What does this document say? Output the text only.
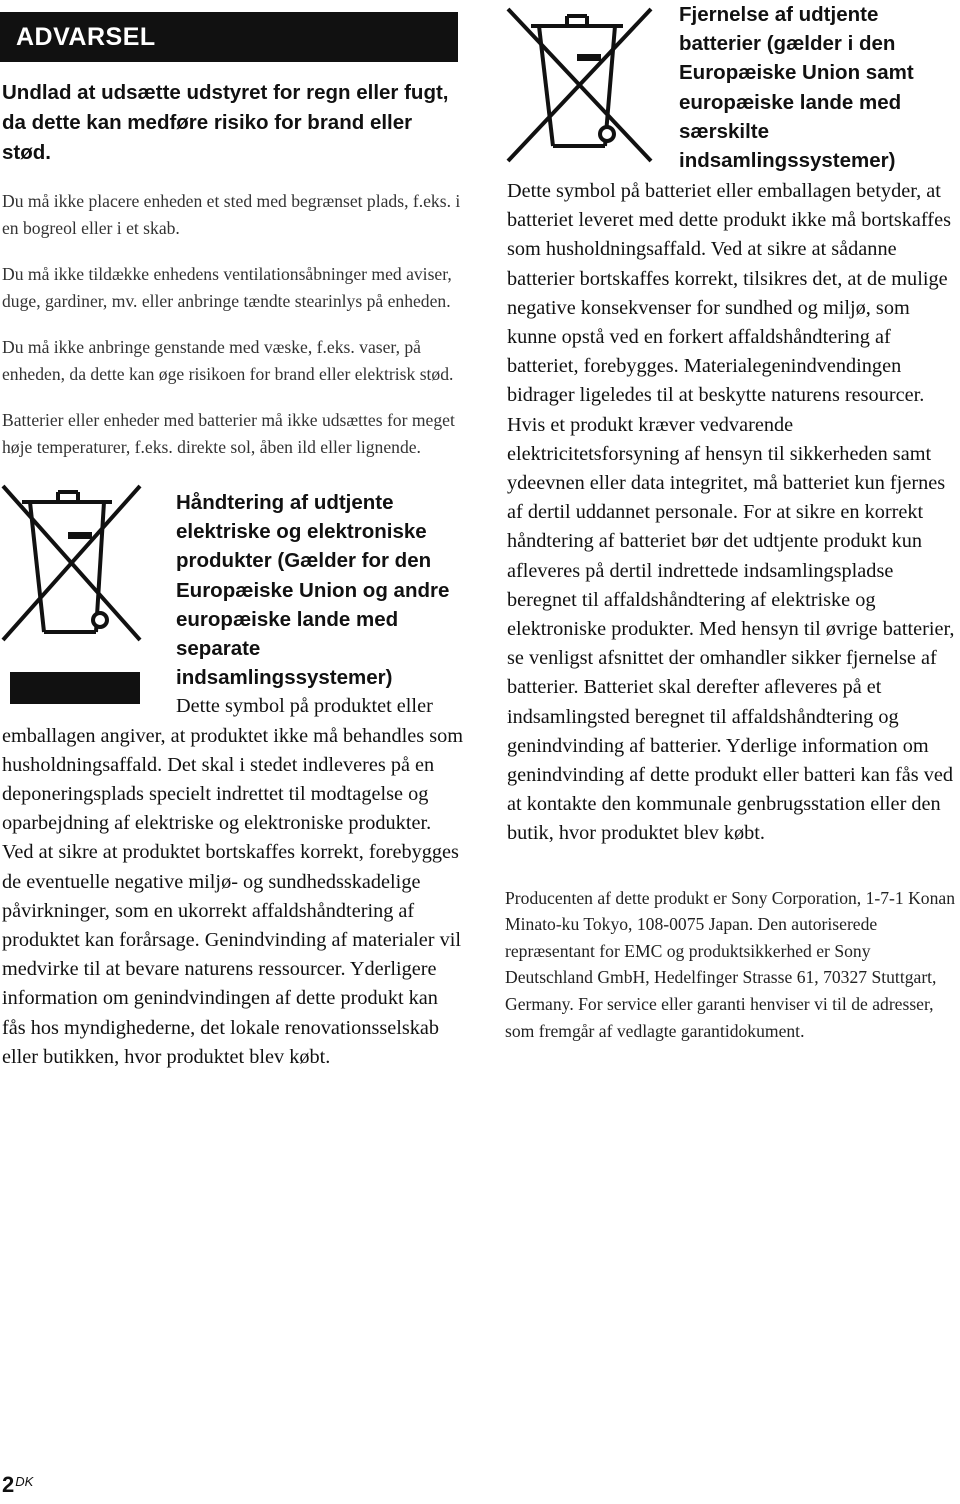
ADVARSEL

Undlad at udsætte udstyret for regn eller fugt, da dette kan medføre risiko for brand eller stød.

Du må ikke placere enheden et sted med begrænset plads, f.eks. i en bogreol eller i et skab.

Du må ikke tildække enhedens ventilationsåbninger med aviser, duge, gardiner, mv. eller anbringe tændte stearinlys på enheden.

Du må ikke anbringe genstande med væske, f.eks. vaser, på enheden, da dette kan øge risikoen for brand eller elektrisk stød.

Batterier eller enheder med batterier må ikke udsættes for meget høje temperaturer, f.eks. direkte sol, åben ild eller lignende.

Håndtering af udtjente elektriske og elektroniske produkter (Gælder for den Europæiske Union og andre europæiske lande med separate indsamlingssystemer)

Dette symbol på produktet eller emballagen angiver, at produktet ikke må behandles som husholdningsaffald. Det skal i stedet indleveres på en deponeringsplads specielt indrettet til modtagelse og oparbejdning af elektriske og elektroniske produkter. Ved at sikre at produktet bortskaffes korrekt, forebygges de eventuelle negative miljø- og sundhedsskadelige påvirkninger, som en ukorrekt affaldshåndtering af produktet kan forårsage. Genindvinding af materialer vil medvirke til at bevare naturens ressourcer. Yderligere information om genindvindingen af dette produkt kan fås hos myndighederne, det lokale renovationsselskab eller butikken, hvor produktet blev købt.

Fjernelse af udtjente batterier (gælder i den Europæiske Union samt europæiske lande med særskilte indsamlingssystemer)

Dette symbol på batteriet eller emballagen betyder, at batteriet leveret med dette produkt ikke må bortskaffes som husholdningsaffald. Ved at sikre at sådanne batterier bortskaffes korrekt, tilsikres det, at de mulige negative konsekvenser for sundhed og miljø, som kunne opstå ved en forkert affaldshåndtering af batteriet, forebygges. Materialegenindvendingen bidrager ligeledes til at beskytte naturens resourcer. Hvis et produkt kræver vedvarende elektricitetsforsyning af hensyn til sikkerheden samt ydeevnen eller data integritet, må batteriet kun fjernes af dertil uddannet personale. For at sikre en korrekt håndtering af batteriet bør det udtjente produkt kun afleveres på dertil indrettede indsamlingspladse beregnet til affaldshåndtering af elektriske og elektroniske produkter. Med hensyn til øvrige batterier, se venligst afsnittet der omhandler sikker fjernelse af batterier. Batteriet skal derefter afleveres på et indsamlingsted beregnet til affaldshåndtering og genindvinding af batterier. Yderlige information om genindvinding af dette produkt eller batteri kan fås ved at kontakte den kommunale genbrugsstation eller den butik, hvor produktet blev købt.

Producenten af dette produkt er Sony Corporation, 1-7-1 Konan Minato-ku Tokyo, 108-0075 Japan. Den autoriserede repræsentant for EMC og produktsikkerhed er Sony Deutschland GmbH, Hedelfinger Strasse 61, 70327 Stuttgart, Germany. For service eller garanti henviser vi til de adresser, som fremgår af vedlagte garantidokument.

$2^{DK}$
